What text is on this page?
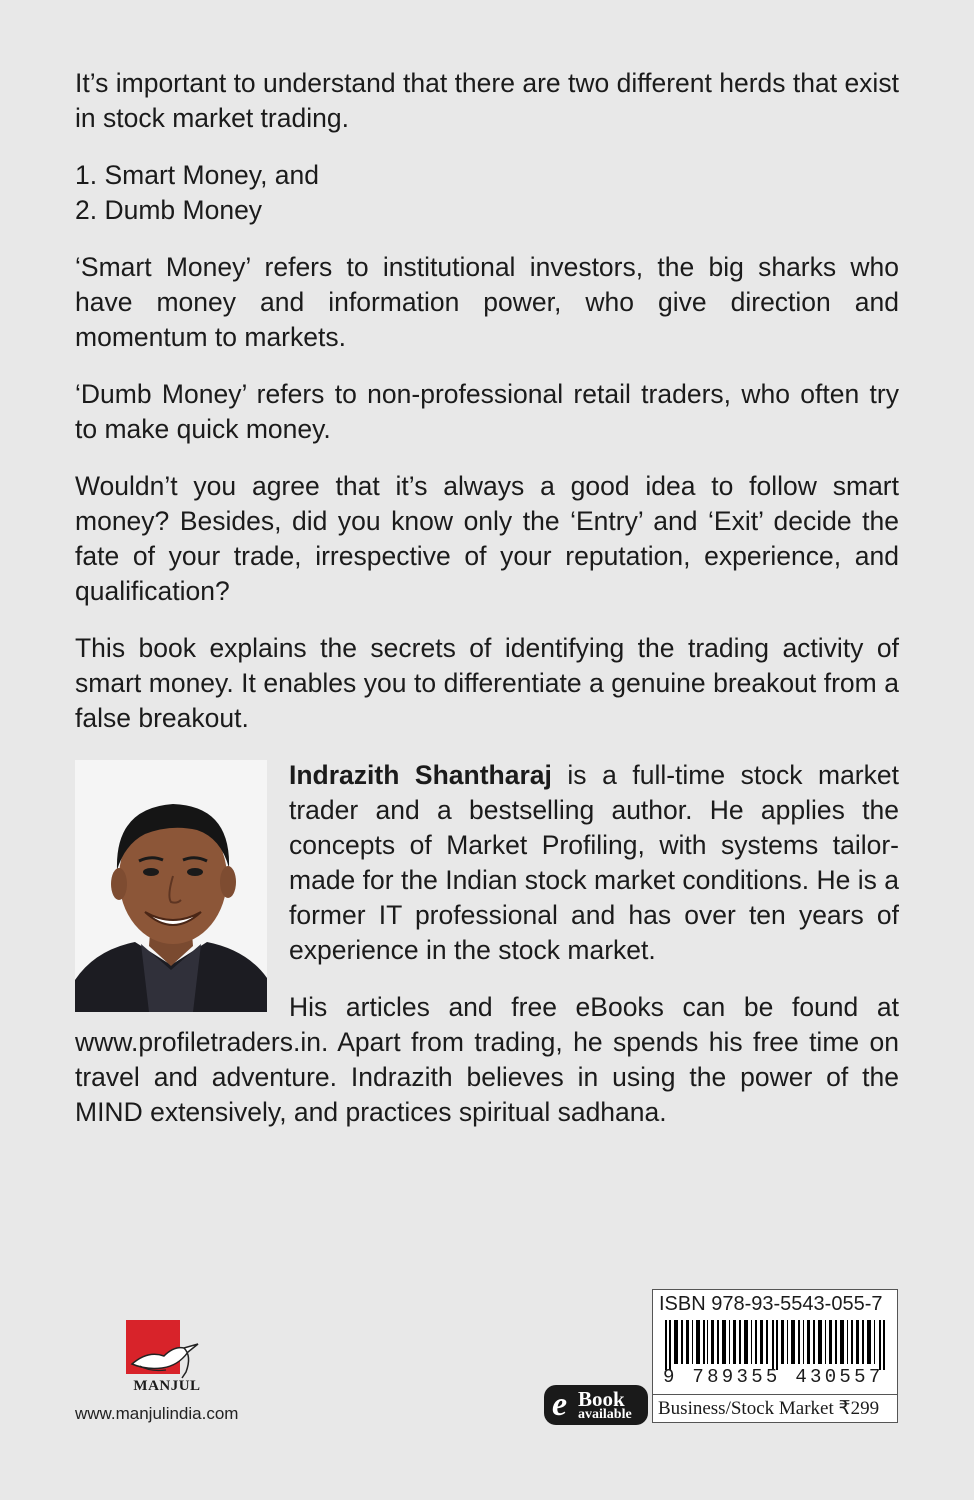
It’s important to understand that there are two different herds that exist in stock market trading.

1. Smart Money, and
2. Dumb Money

‘Smart Money’ refers to institutional investors, the big sharks who have money and information power, who give direction and momentum to markets.

‘Dumb Money’ refers to non-professional retail traders, who often try to make quick money.

Wouldn’t you agree that it’s always a good idea to follow smart money? Besides, did you know only the ‘Entry’ and ‘Exit’ decide the fate of your trade, irrespective of your reputation, experience, and qualification?

This book explains the secrets of identifying the trading activity of smart money. It enables you to differentiate a genuine breakout from a false breakout.

Indrazith Shantharaj is a full-time stock market trader and a bestselling author. He applies the concepts of Market Profiling, with systems tailor-made for the Indian stock market conditions. He is a former IT professional and has over ten years of experience in the stock market.

His articles and free eBooks can be found at www.profiletraders.in. Apart from trading, he spends his free time on travel and adventure. Indrazith believes in using the power of the MIND extensively, and practices spiritual sadhana.

MANJUL
www.manjulindia.com	e Book
available
ISBN 978-93-5543-055-7
9 789355 430557
Business/Stock Market ₹299
